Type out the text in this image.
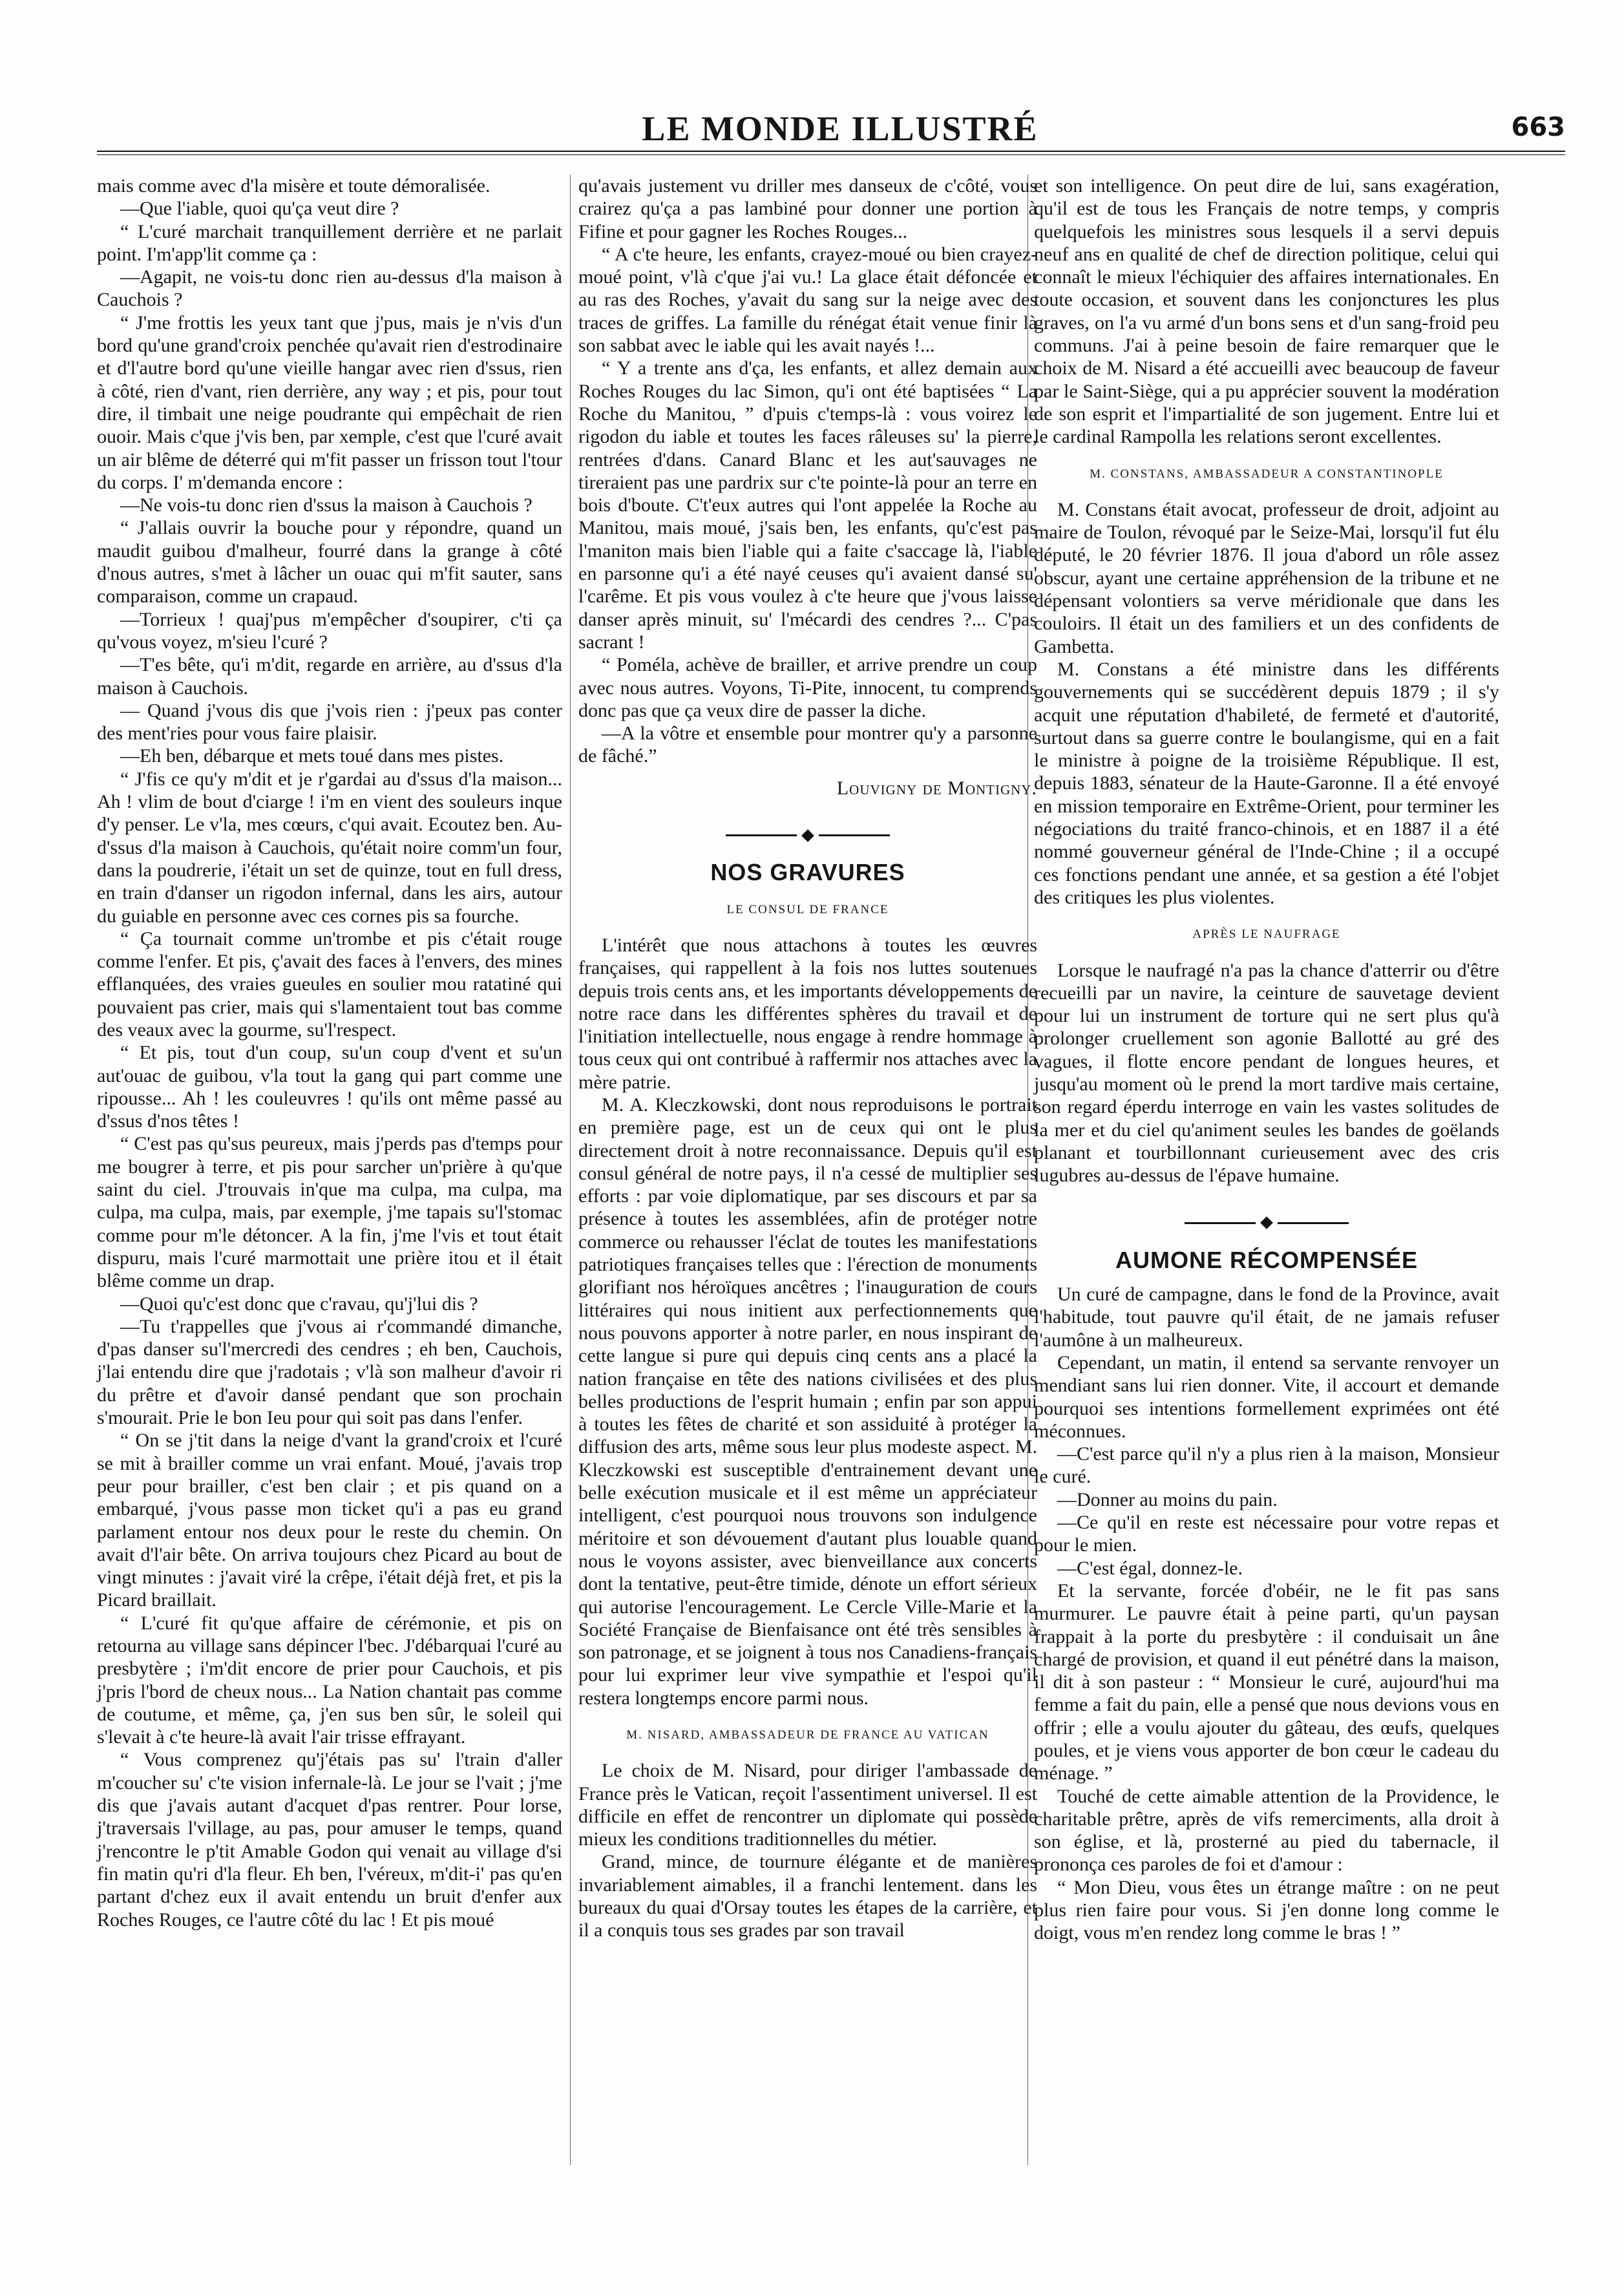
LE MONDE ILLUSTRÉ	663

mais comme avec d'la misère et toute démoralisée.

—Que l'iable, quoi qu'ça veut dire ?

“ L'curé marchait tranquillement derrière et ne parlait point. I'm'app'lit comme ça :

—Agapit, ne vois-tu donc rien au-dessus d'la maison à Cauchois ?

“ J'me frottis les yeux tant que j'pus, mais je n'vis d'un bord qu'une grand'croix penchée qu'avait rien d'estrodinaire et d'l'autre bord qu'une vieille hangar avec rien d'ssus, rien à côté, rien d'vant, rien derrière, any way ; et pis, pour tout dire, il timbait une neige poudrante qui empêchait de rien ouoir. Mais c'que j'vis ben, par xemple, c'est que l'curé avait un air blême de déterré qui m'fit passer un frisson tout l'tour du corps. I' m'demanda encore :

—Ne vois-tu donc rien d'ssus la maison à Cauchois ?

“ J'allais ouvrir la bouche pour y répondre, quand un maudit guibou d'malheur, fourré dans la grange à côté d'nous autres, s'met à lâcher un ouac qui m'fit sauter, sans comparaison, comme un crapaud.

—Torrieux ! quaj'pus m'empêcher d'soupirer, c'ti ça qu'vous voyez, m'sieu l'curé ?

—T'es bête, qu'i m'dit, regarde en arrière, au d'ssus d'la maison à Cauchois.

— Quand j'vous dis que j'vois rien : j'peux pas conter des ment'ries pour vous faire plaisir.

—Eh ben, débarque et mets toué dans mes pistes.

“ J'fis ce qu'y m'dit et je r'gardai au d'ssus d'la maison... Ah ! vlim de bout d'ciarge ! i'm en vient des souleurs inque d'y penser. Le v'la, mes cœurs, c'qui avait. Ecoutez ben. Au-d'ssus d'la maison à Cauchois, qu'était noire comm'un four, dans la poudrerie, i'était un set de quinze, tout en full dress, en train d'danser un rigodon infernal, dans les airs, autour du guiable en personne avec ces cornes pis sa fourche.

“ Ça tournait comme un'trombe et pis c'était rouge comme l'enfer. Et pis, ç'avait des faces à l'envers, des mines efflanquées, des vraies gueules en soulier mou ratatiné qui pouvaient pas crier, mais qui s'lamentaient tout bas comme des veaux avec la gourme, su'l'respect.

“ Et pis, tout d'un coup, su'un coup d'vent et su'un aut'ouac de guibou, v'la tout la gang qui part comme une ripousse... Ah ! les couleuvres ! qu'ils ont même passé au d'ssus d'nos têtes !

“ C'est pas qu'sus peureux, mais j'perds pas d'temps pour me bougrer à terre, et pis pour sarcher un'prière à qu'que saint du ciel. J'trouvais in'que ma culpa, ma culpa, ma culpa, ma culpa, mais, par exemple, j'me tapais su'l'stomac comme pour m'le détoncer. A la fin, j'me l'vis et tout était dispuru, mais l'curé marmottait une prière itou et il était blême comme un drap.

—Quoi qu'c'est donc que c'ravau, qu'j'lui dis ?

—Tu t'rappelles que j'vous ai r'commandé dimanche, d'pas danser su'l'mercredi des cendres ; eh ben, Cauchois, j'lai entendu dire que j'radotais ; v'là son malheur d'avoir ri du prêtre et d'avoir dansé pendant que son prochain s'mourait. Prie le bon Ieu pour qui soit pas dans l'enfer.

“ On se j'tit dans la neige d'vant la grand'croix et l'curé se mit à brailler comme un vrai enfant. Moué, j'avais trop peur pour brailler, c'est ben clair ; et pis quand on a embarqué, j'vous passe mon ticket qu'i a pas eu grand parlament entour nos deux pour le reste du chemin. On avait d'l'air bête. On arriva toujours chez Picard au bout de vingt minutes : j'avait viré la crêpe, i'était déjà fret, et pis la Picard braillait.

“ L'curé fit qu'que affaire de cérémonie, et pis on retourna au village sans dépincer l'bec. J'débarquai l'curé au presbytère ; i'm'dit encore de prier pour Cauchois, et pis j'pris l'bord de cheux nous... La Nation chantait pas comme de coutume, et même, ça, j'en sus ben sûr, le soleil qui s'levait à c'te heure-là avait l'air trisse effrayant.

“ Vous comprenez qu'j'étais pas su' l'train d'aller m'coucher su' c'te vision infernale-là. Le jour se l'vait ; j'me dis que j'avais autant d'acquet d'pas rentrer. Pour lorse, j'traversais l'village, au pas, pour amuser le temps, quand j'rencontre le p'tit Amable Godon qui venait au village d'si fin matin qu'ri d'la fleur. Eh ben, l'véreux, m'dit-i' pas qu'en partant d'chez eux il avait entendu un bruit d'enfer aux Roches Rouges, ce l'autre côté du lac ! Et pis moué

qu'avais justement vu driller mes danseux de c'côté, vous crairez qu'ça a pas lambiné pour donner une portion à Fifine et pour gagner les Roches Rouges...

“ A c'te heure, les enfants, crayez-moué ou bien crayez-moué point, v'là c'que j'ai vu.! La glace était défoncée et au ras des Roches, y'avait du sang sur la neige avec des traces de griffes. La famille du rénégat était venue finir là son sabbat avec le iable qui les avait nayés !...

“ Y a trente ans d'ça, les enfants, et allez demain aux Roches Rouges du lac Simon, qu'i ont été baptisées “ La Roche du Manitou, ” d'puis c'temps-là : vous voirez le rigodon du iable et toutes les faces râleuses su' la pierre, rentrées d'dans. Canard Blanc et les aut'sauvages ne tireraient pas une pardrix sur c'te pointe-là pour an terre en bois d'boute. C't'eux autres qui l'ont appelée la Roche au Manitou, mais moué, j'sais ben, les enfants, qu'c'est pas l'maniton mais bien l'iable qui a faite c'saccage là, l'iable en parsonne qu'i a été nayé ceuses qu'i avaient dansé su' l'carême. Et pis vous voulez à c'te heure que j'vous laisse danser après minuit, su' l'mécardi des cendres ?... C'pas sacrant !

“ Poméla, achève de brailler, et arrive prendre un coup avec nous autres. Voyons, Ti-Pite, innocent, tu comprends donc pas que ça veux dire de passer la diche.

—A la vôtre et ensemble pour montrer qu'y a parsonne de fâché.”

Louvigny de Montigny.

NOS GRAVURES
LE CONSUL DE FRANCE

L'intérêt que nous attachons à toutes les œuvres françaises, qui rappellent à la fois nos luttes soutenues depuis trois cents ans, et les importants développements de notre race dans les différentes sphères du travail et de l'initiation intellectuelle, nous engage à rendre hommage à tous ceux qui ont contribué à raffermir nos attaches avec la mère patrie.

M. A. Kleczkowski, dont nous reproduisons le portrait en première page, est un de ceux qui ont le plus directement droit à notre reconnaissance. Depuis qu'il est consul général de notre pays, il n'a cessé de multiplier ses efforts : par voie diplomatique, par ses discours et par sa présence à toutes les assemblées, afin de protéger notre commerce ou rehausser l'éclat de toutes les manifestations patriotiques françaises telles que : l'érection de monuments glorifiant nos héroïques ancêtres ; l'inauguration de cours littéraires qui nous initient aux perfectionnements que nous pouvons apporter à notre parler, en nous inspirant de cette langue si pure qui depuis cinq cents ans a placé la nation française en tête des nations civilisées et des plus belles productions de l'esprit humain ; enfin par son appui à toutes les fêtes de charité et son assiduité à protéger la diffusion des arts, même sous leur plus modeste aspect. M. Kleczkowski est susceptible d'entrainement devant une belle exécution musicale et il est même un appréciateur intelligent, c'est pourquoi nous trouvons son indulgence méritoire et son dévouement d'autant plus louable quand nous le voyons assister, avec bienveillance aux concerts dont la tentative, peut-être timide, dénote un effort sérieux qui autorise l'encouragement. Le Cercle Ville-Marie et la Société Française de Bienfaisance ont été très sensibles à son patronage, et se joignent à tous nos Canadiens-français pour lui exprimer leur vive sympathie et l'espoi qu'il restera longtemps encore parmi nous.

M. NISARD, AMBASSADEUR DE FRANCE AU VATICAN

Le choix de M. Nisard, pour diriger l'ambassade de France près le Vatican, reçoit l'assentiment universel. Il est difficile en effet de rencontrer un diplomate qui possède mieux les conditions traditionnelles du métier.

Grand, mince, de tournure élégante et de manières invariablement aimables, il a franchi lentement. dans les bureaux du quai d'Orsay toutes les étapes de la carrière, et il a conquis tous ses grades par son travail

et son intelligence. On peut dire de lui, sans exagération, qu'il est de tous les Français de notre temps, y compris quelquefois les ministres sous lesquels il a servi depuis neuf ans en qualité de chef de direction politique, celui qui connaît le mieux l'échiquier des affaires internationales. En toute occasion, et souvent dans les conjonctures les plus graves, on l'a vu armé d'un bons sens et d'un sang-froid peu communs. J'ai à peine besoin de faire remarquer que le choix de M. Nisard a été accueilli avec beaucoup de faveur par le Saint-Siège, qui a pu apprécier souvent la modération de son esprit et l'impartialité de son jugement. Entre lui et le cardinal Rampolla les relations seront excellentes.

M. CONSTANS, AMBASSADEUR A CONSTANTINOPLE

M. Constans était avocat, professeur de droit, adjoint au maire de Toulon, révoqué par le Seize-Mai, lorsqu'il fut élu député, le 20 février 1876. Il joua d'abord un rôle assez obscur, ayant une certaine appréhension de la tribune et ne dépensant volontiers sa verve méridionale que dans les couloirs. Il était un des familiers et un des confidents de Gambetta.

M. Constans a été ministre dans les différents gouvernements qui se succédèrent depuis 1879 ; il s'y acquit une réputation d'habileté, de fermeté et d'autorité, surtout dans sa guerre contre le boulangisme, qui en a fait le ministre à poigne de la troisième République. Il est, depuis 1883, sénateur de la Haute-Garonne. Il a été envoyé en mission temporaire en Extrême-Orient, pour terminer les négociations du traité franco-chinois, et en 1887 il a été nommé gouverneur général de l'Inde-Chine ; il a occupé ces fonctions pendant une année, et sa gestion a été l'objet des critiques les plus violentes.

APRÈS LE NAUFRAGE

Lorsque le naufragé n'a pas la chance d'atterrir ou d'être recueilli par un navire, la ceinture de sauvetage devient pour lui un instrument de torture qui ne sert plus qu'à prolonger cruellement son agonie Ballotté au gré des vagues, il flotte encore pendant de longues heures, et jusqu'au moment où le prend la mort tardive mais certaine, son regard éperdu interroge en vain les vastes solitudes de la mer et du ciel qu'animent seules les bandes de goëlands planant et tourbillonnant curieusement avec des cris lugubres au-dessus de l'épave humaine.

AUMONE RÉCOMPENSÉE

Un curé de campagne, dans le fond de la Province, avait l'habitude, tout pauvre qu'il était, de ne jamais refuser l'aumône à un malheureux.

Cependant, un matin, il entend sa servante renvoyer un mendiant sans lui rien donner. Vite, il accourt et demande pourquoi ses intentions formellement exprimées ont été méconnues.

—C'est parce qu'il n'y a plus rien à la maison, Monsieur le curé.

—Donner au moins du pain.

—Ce qu'il en reste est nécessaire pour votre repas et pour le mien.

—C'est égal, donnez-le.

Et la servante, forcée d'obéir, ne le fit pas sans murmurer. Le pauvre était à peine parti, qu'un paysan frappait à la porte du presbytère : il conduisait un âne chargé de provision, et quand il eut pénétré dans la maison, il dit à son pasteur : “ Monsieur le curé, aujourd'hui ma femme a fait du pain, elle a pensé que nous devions vous en offrir ; elle a voulu ajouter du gâteau, des œufs, quelques poules, et je viens vous apporter de bon cœur le cadeau du ménage. ”

Touché de cette aimable attention de la Providence, le charitable prêtre, après de vifs remerciments, alla droit à son église, et là, prosterné au pied du tabernacle, il prononça ces paroles de foi et d'amour :

“ Mon Dieu, vous êtes un étrange maître : on ne peut plus rien faire pour vous. Si j'en donne long comme le doigt, vous m'en rendez long comme le bras ! ”
